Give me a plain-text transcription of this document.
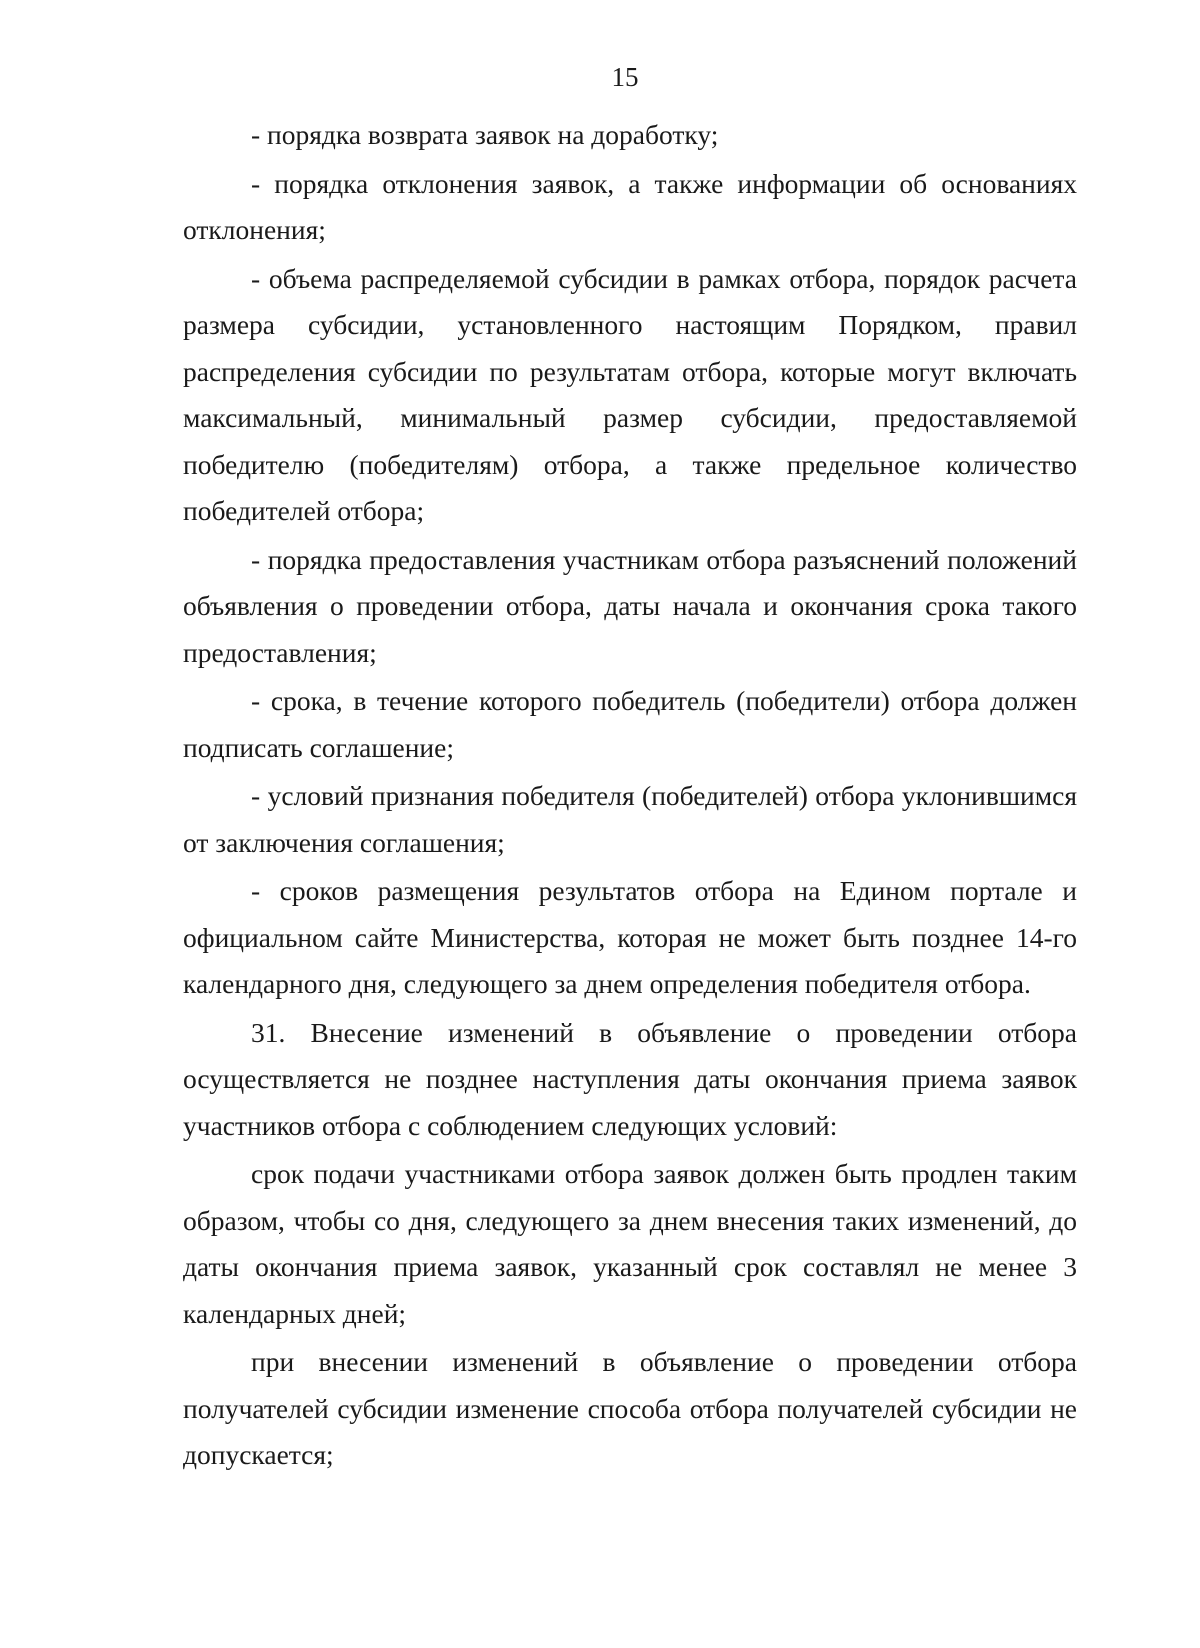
15

- порядка возврата заявок на доработку;

- порядка отклонения заявок, а также информации об основаниях отклонения;

- объема распределяемой субсидии в рамках отбора, порядок расчета размера субсидии, установленного настоящим Порядком, правил распределения субсидии по результатам отбора, которые могут включать максимальный, минимальный размер субсидии, предоставляемой победителю (победителям) отбора, а также предельное количество победителей отбора;

- порядка предоставления участникам отбора разъяснений положений объявления о проведении отбора, даты начала и окончания срока такого предоставления;

- срока, в течение которого победитель (победители) отбора должен подписать соглашение;

- условий признания победителя (победителей) отбора уклонившимся от заключения соглашения;

- сроков размещения результатов отбора на Едином портале и официальном сайте Министерства, которая не может быть позднее 14-го календарного дня, следующего за днем определения победителя отбора.

31. Внесение изменений в объявление о проведении отбора осуществляется не позднее наступления даты окончания приема заявок участников отбора с соблюдением следующих условий:

срок подачи участниками отбора заявок должен быть продлен таким образом, чтобы со дня, следующего за днем внесения таких изменений, до даты окончания приема заявок, указанный срок составлял не менее 3 календарных дней;

при внесении изменений в объявление о проведении отбора получателей субсидии изменение способа отбора получателей субсидии не допускается;
